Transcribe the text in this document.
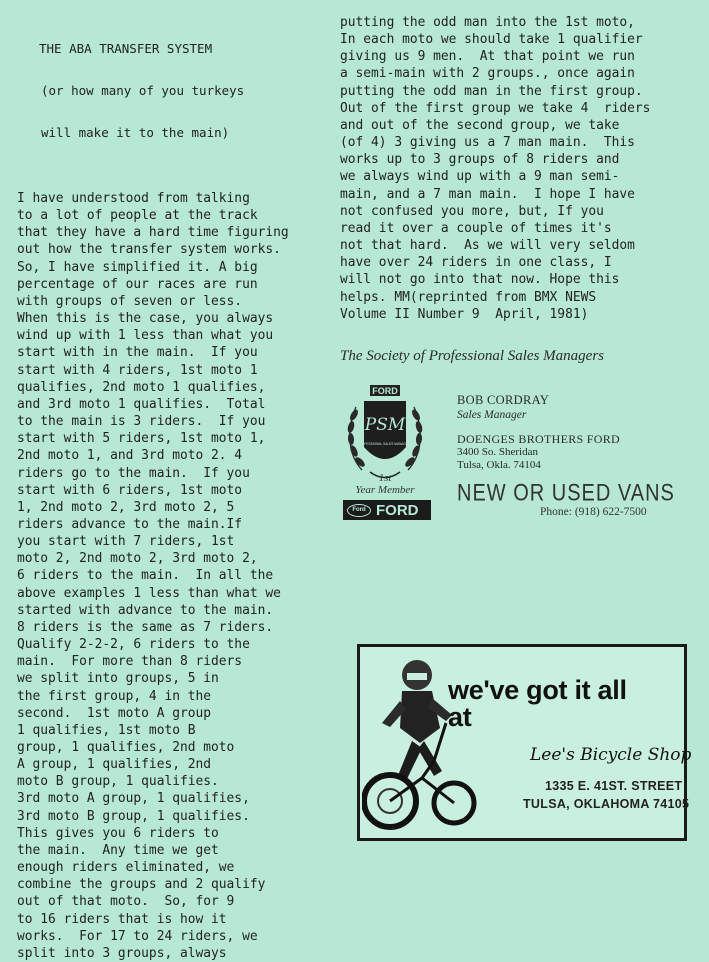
THE ABA TRANSFER SYSTEM

(or how many of you turkeys

will make it to the main)

I have understood from talking
to a lot of people at the track
that they have a hard time figuring
out how the transfer system works.
So, I have simplified it. A big
percentage of our races are run
with groups of seven or less.
When this is the case, you always
wind up with 1 less than what you
start with in the main.  If you
start with 4 riders, 1st moto 1
qualifies, 2nd moto 1 qualifies,
and 3rd moto 1 qualifies.  Total
to the main is 3 riders.  If you
start with 5 riders, 1st moto 1,
2nd moto 1, and 3rd moto 2. 4
riders go to the main.  If you
start with 6 riders, 1st moto
1, 2nd moto 2, 3rd moto 2, 5
riders advance to the main.If
you start with 7 riders, 1st
moto 2, 2nd moto 2, 3rd moto 2,
6 riders to the main.  In all the
above examples 1 less than what we
started with advance to the main.
8 riders is the same as 7 riders.
Qualify 2-2-2, 6 riders to the
main.  For more than 8 riders
we split into groups, 5 in
the first group, 4 in the
second.  1st moto A group
1 qualifies, 1st moto B
group, 1 qualifies, 2nd moto
A group, 1 qualifies, 2nd
moto B group, 1 qualifies.
3rd moto A group, 1 qualifies,
3rd moto B group, 1 qualifies.
This gives you 6 riders to
the main.  Any time we get
enough riders eliminated, we
combine the groups and 2 qualify
out of that moto.  So, for 9
to 16 riders that is how it
works.  For 17 to 24 riders, we
split into 3 groups, always
putting the odd man into the 1st moto,
In each moto we should take 1 qualifier
giving us 9 men.  At that point we run
a semi-main with 2 groups., once again
putting the odd man in the first group.
Out of the first group we take 4  riders
and out of the second group, we take
(of 4) 3 giving us a 7 man main.  This
works up to 3 groups of 8 riders and
we always wind up with a 9 man semi-
main, and a 7 man main.  I hope I have
not confused you more, but, If you
read it over a couple of times it's
not that hard.  As we will very seldom
have over 24 riders in one class, I
will not go into that now. Hope this
helps. MM(reprinted from BMX NEWS
Volume II Number 9  April, 1981)
The Society of Professional Sales Managers
FORD
PSM
PROFESSIONAL SALES MANAGERS
1st
Year Member
Ford FORD
BOB CORDRAY
Sales Manager
DOENGES BROTHERS FORD
3400 So. Sheridan
Tulsa, Okla. 74104
NEW OR USED VANS
Phone: (918) 622-7500
we've got it all
at
Lee's Bicycle Shop
1335 E. 41ST. STREET
TULSA, OKLAHOMA 74105
